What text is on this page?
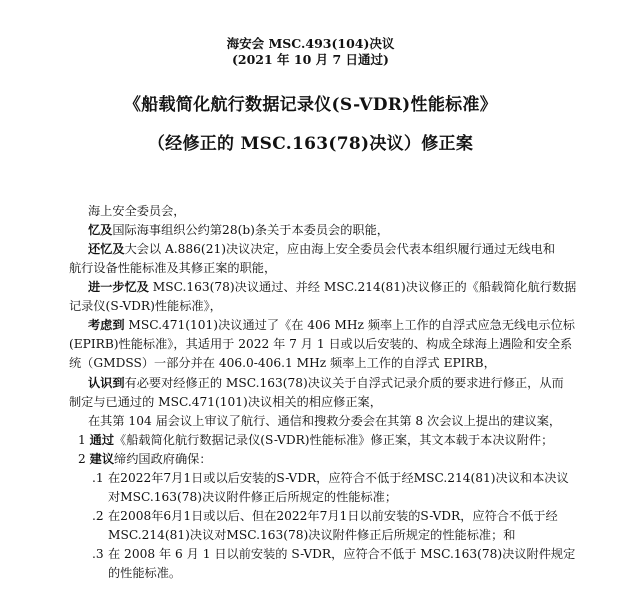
海安会 MSC.493(104)决议
(2021 年 10 月 7 日通过)
《船载简化航行数据记录仪(S-VDR)性能标准》
（经修正的 MSC.163(78)决议）修正案
海上安全委员会，
忆及国际海事组织公约第28(b)条关于本委员会的职能，
还忆及大会以 A.886(21)决议决定，应由海上安全委员会代表本组织履行通过无线电和
航行设备性能标准及其修正案的职能，
进一步忆及 MSC.163(78)决议通过、并经 MSC.214(81)决议修正的《船载简化航行数据
记录仪(S-VDR)性能标准》，
考虑到 MSC.471(101)决议通过了《在 406 MHz 频率上工作的自浮式应急无线电示位标
(EPIRB)性能标准》，其适用于 2022 年 7 月 1 日或以后安装的、构成全球海上遇险和安全系
统（GMDSS）一部分并在 406.0-406.1 MHz 频率上工作的自浮式 EPIRB，
认识到有必要对经修正的 MSC.163(78)决议关于自浮式记录介质的要求进行修正，从而
制定与已通过的 MSC.471(101)决议相关的相应修正案，
在其第 104 届会议上审议了航行、通信和搜救分委会在其第 8 次会议上提出的建议案，
1 通过《船载简化航行数据记录仪(S-VDR)性能标准》修正案，其文本载于本决议附件；
2 建议缔约国政府确保：
.1 在2022年7月1日或以后安装的S-VDR，应符合不低于经MSC.214(81)决议和本决议
对MSC.163(78)决议附件修正后所规定的性能标准；
.2 在2008年6月1日或以后、但在2022年7月1日以前安装的S-VDR，应符合不低于经
MSC.214(81)决议对MSC.163(78)决议附件修正后所规定的性能标准；和
.3 在 2008 年 6 月 1 日以前安装的 S-VDR，应符合不低于 MSC.163(78)决议附件规定
的性能标准。
